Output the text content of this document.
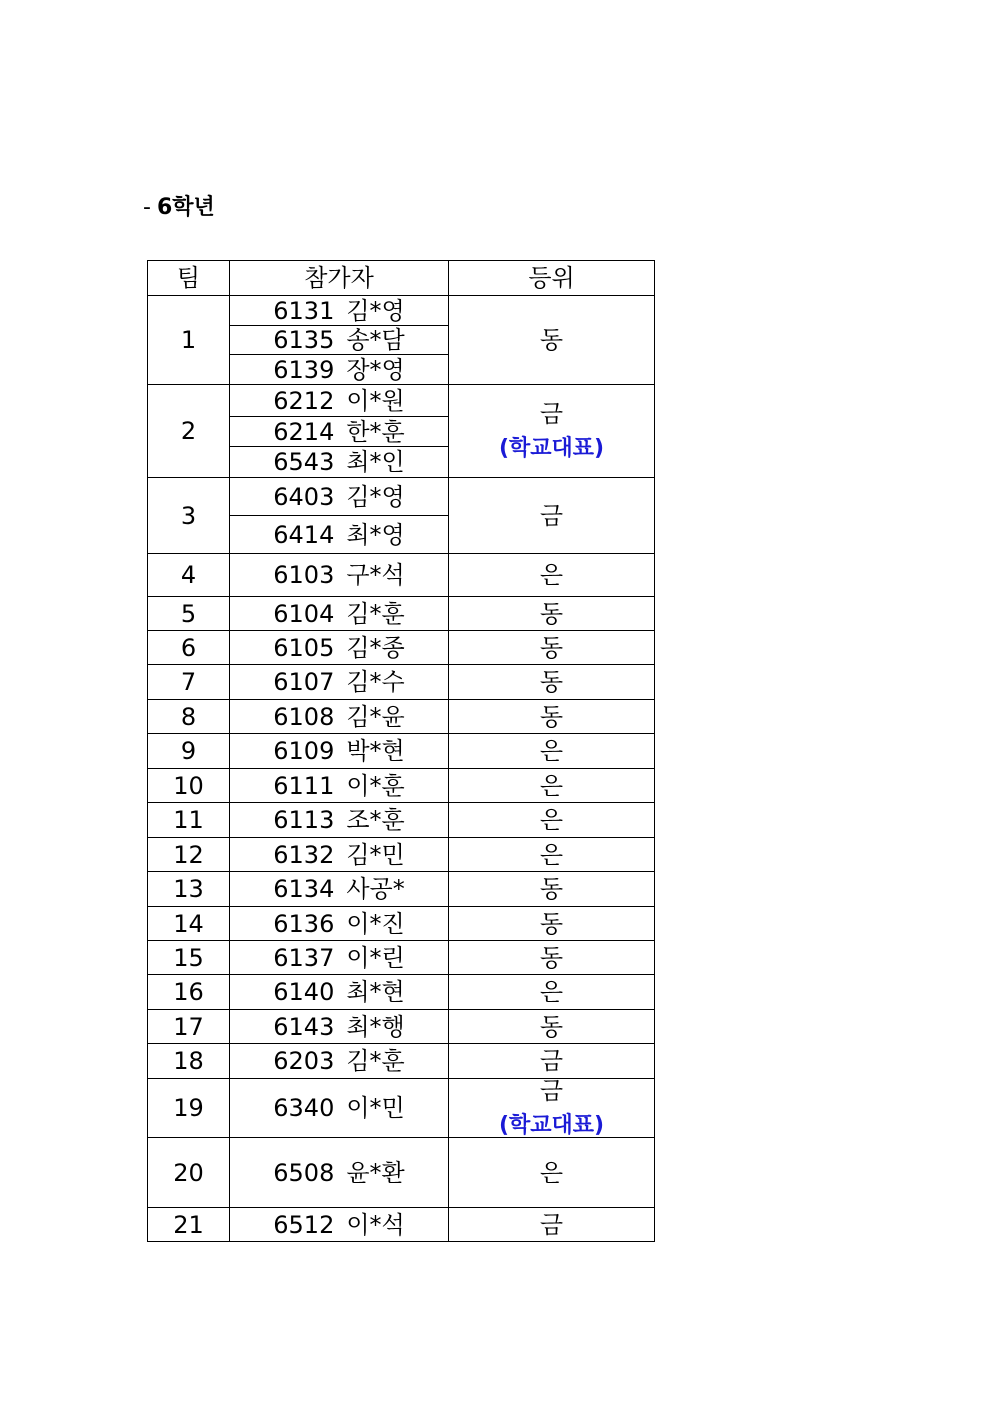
- 6학년
팀	참가자	등위
1	6131 김*영	동

	6135 송*담	
	6139 장*영	
2	6212 이*원	금
(학교대표)

	6214 한*훈	
	6543 최*인	
3	6403 김*영	금

	6414 최*영	
4	6103 구*석	은

5	6104 김*훈	동

6	6105 김*종	동

7	6107 김*수	동

8	6108 김*윤	동

9	6109 박*현	은

10	6111 이*훈	은

11	6113 조*훈	은

12	6132 김*민	은

13	6134 사공*	동

14	6136 이*진	동

15	6137 이*린	동

16	6140 최*현	은

17	6143 최*행	동

18	6203 김*훈	금

19	6340 이*민	금
(학교대표)

20	6508 윤*환	은

21	6512 이*석	금
